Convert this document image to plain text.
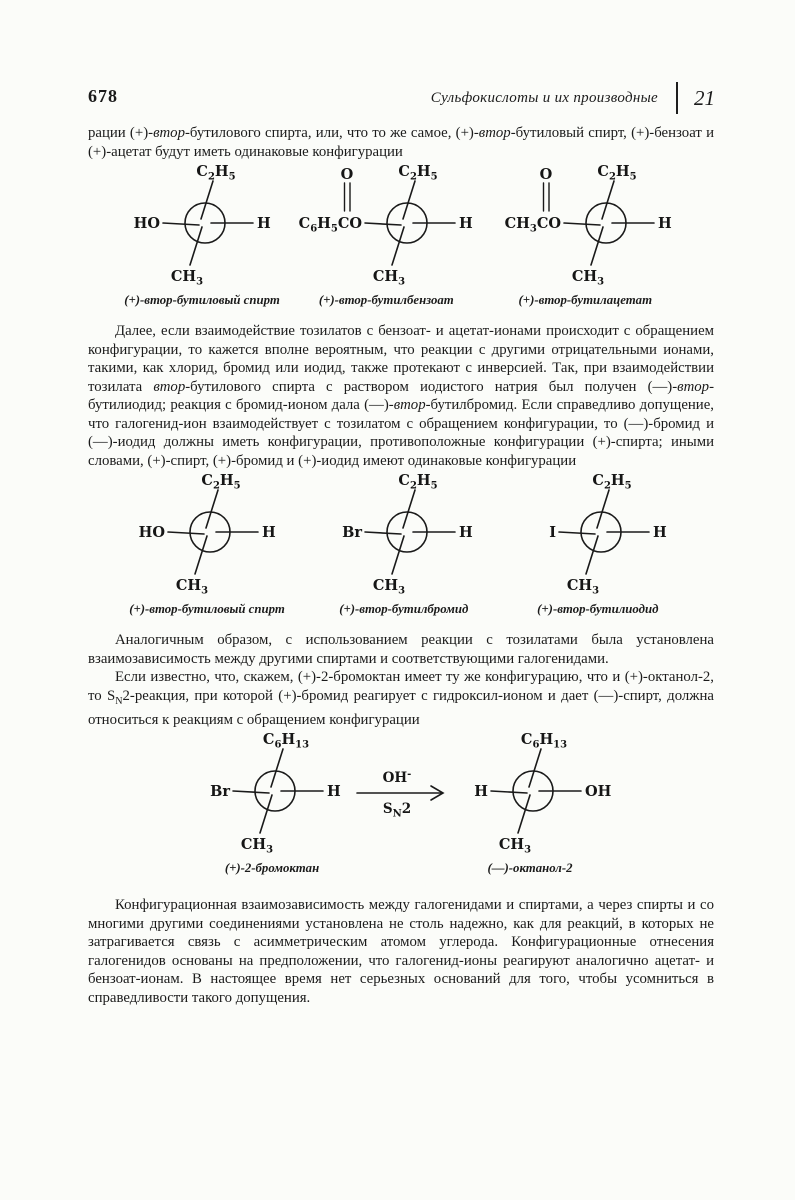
678	Сульфокислоты и их производные 21

рации (+)-втор-бутилового спирта, или, что то же самое, (+)-втор-бутиловый спирт, (+)-бензоат и (+)-ацетат будут иметь одинаковые конфигурации

$C_2H_5$
HO	H
$CH_3$
(+)-втор-бутиловый спирт
$C_2H_5$
$C_6H_5CO$	H
$CH_3$
O
(+)-втор-бутилбензоат
$C_2H_5$
$CH_3CO$	H
$CH_3$
O
(+)-втор-бутилацетат

Далее, если взаимодействие тозилатов с бензоат- и ацетат-ионами происходит с обращением конфигурации, то кажется вполне вероятным, что реакции с другими отрицательными ионами, такими, как хлорид, бромид или иодид, также протекают с инверсией. Так, при взаимодействии тозилата втор-бутилового спирта с раствором иодистого натрия был получен (—)-втор-бутилиодид; реакция с бромид-ионом дала (—)-втор-бутилбромид. Если справедливо допущение, что галогенид-ион взаимодействует с тозилатом с обращением конфигурации, то (—)-бромид и (—)-иодид должны иметь конфигурации, противоположные конфигурации (+)-спирта; иными словами, (+)-спирт, (+)-бромид и (+)-иодид имеют одинаковые конфигурации

$C_2H_5$
HO	H
$CH_3$
(+)-втор-бутиловый спирт
$C_2H_5$
Br	H
$CH_3$
(+)-втор-бутилбромид
$C_2H_5$
I	H
$CH_3$
(+)-втор-бутилиодид

Аналогичным образом, с использованием реакции с тозилатами была установлена взаимозависимость между другими спиртами и соответствующими галогенидами.

Если известно, что, скажем, (+)-2-бромоктан имеет ту же конфигурацию, что и (+)-октанол-2, то $S_N2$-реакция, при которой (+)-бромид реагирует с гидроксил-ионом и дает (—)-спирт, должна относиться к реакциям с обращением конфигурации

$C_6H_{13}$
Br	H
$CH_3$
(+)-2-бромоктан
OH-
$S_N2$
$C_6H_{13}$
H	OH
$CH_3$
(—)-октанол-2

Конфигурационная взаимозависимость между галогенидами и спиртами, а через спирты и со многими другими соединениями установлена не столь надежно, как для реакций, в которых не затрагивается связь с асимметрическим атомом углерода. Конфигурационные отнесения галогенидов основаны на предположении, что галогенид-ионы реагируют аналогично ацетат- и бензоат-ионам. В настоящее время нет серьезных оснований для того, чтобы усомниться в справедливости такого допущения.
